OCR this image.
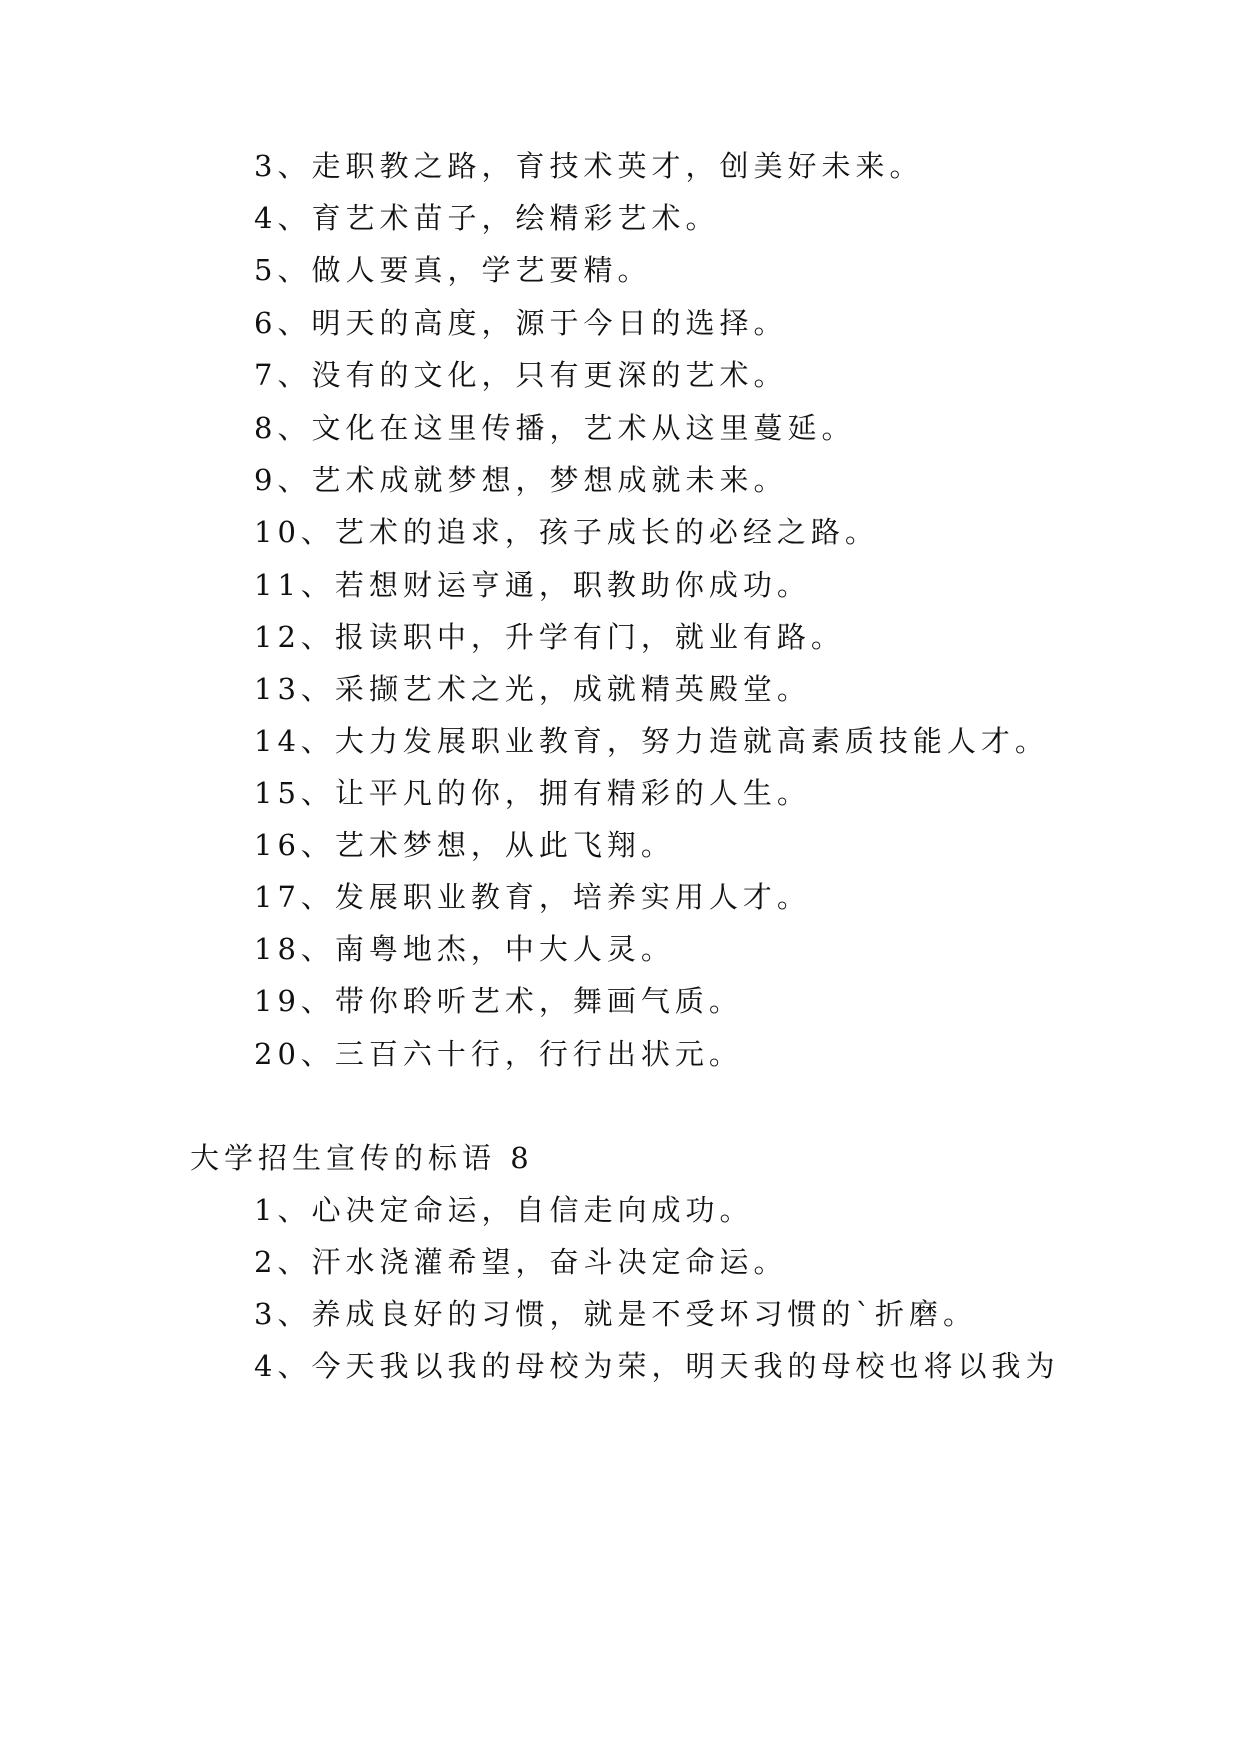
3、走职教之路，育技术英才，创美好未来。
4、育艺术苗子，绘精彩艺术。
5、做人要真，学艺要精。
6、明天的高度，源于今日的选择。
7、没有的文化，只有更深的艺术。
8、文化在这里传播，艺术从这里蔓延。
9、艺术成就梦想，梦想成就未来。
10、艺术的追求，孩子成长的必经之路。
11、若想财运亨通，职教助你成功。
12、报读职中，升学有门，就业有路。
13、采撷艺术之光，成就精英殿堂。
14、大力发展职业教育，努力造就高素质技能人才。
15、让平凡的你，拥有精彩的人生。
16、艺术梦想，从此飞翔。
17、发展职业教育，培养实用人才。
18、南粤地杰，中大人灵。
19、带你聆听艺术，舞画气质。
20、三百六十行，行行出状元。
大学招生宣传的标语 8
1、心决定命运，自信走向成功。
2、汗水浇灌希望，奋斗决定命运。
3、养成良好的习惯，就是不受坏习惯的`折磨。
4、今天我以我的母校为荣，明天我的母校也将以我为
